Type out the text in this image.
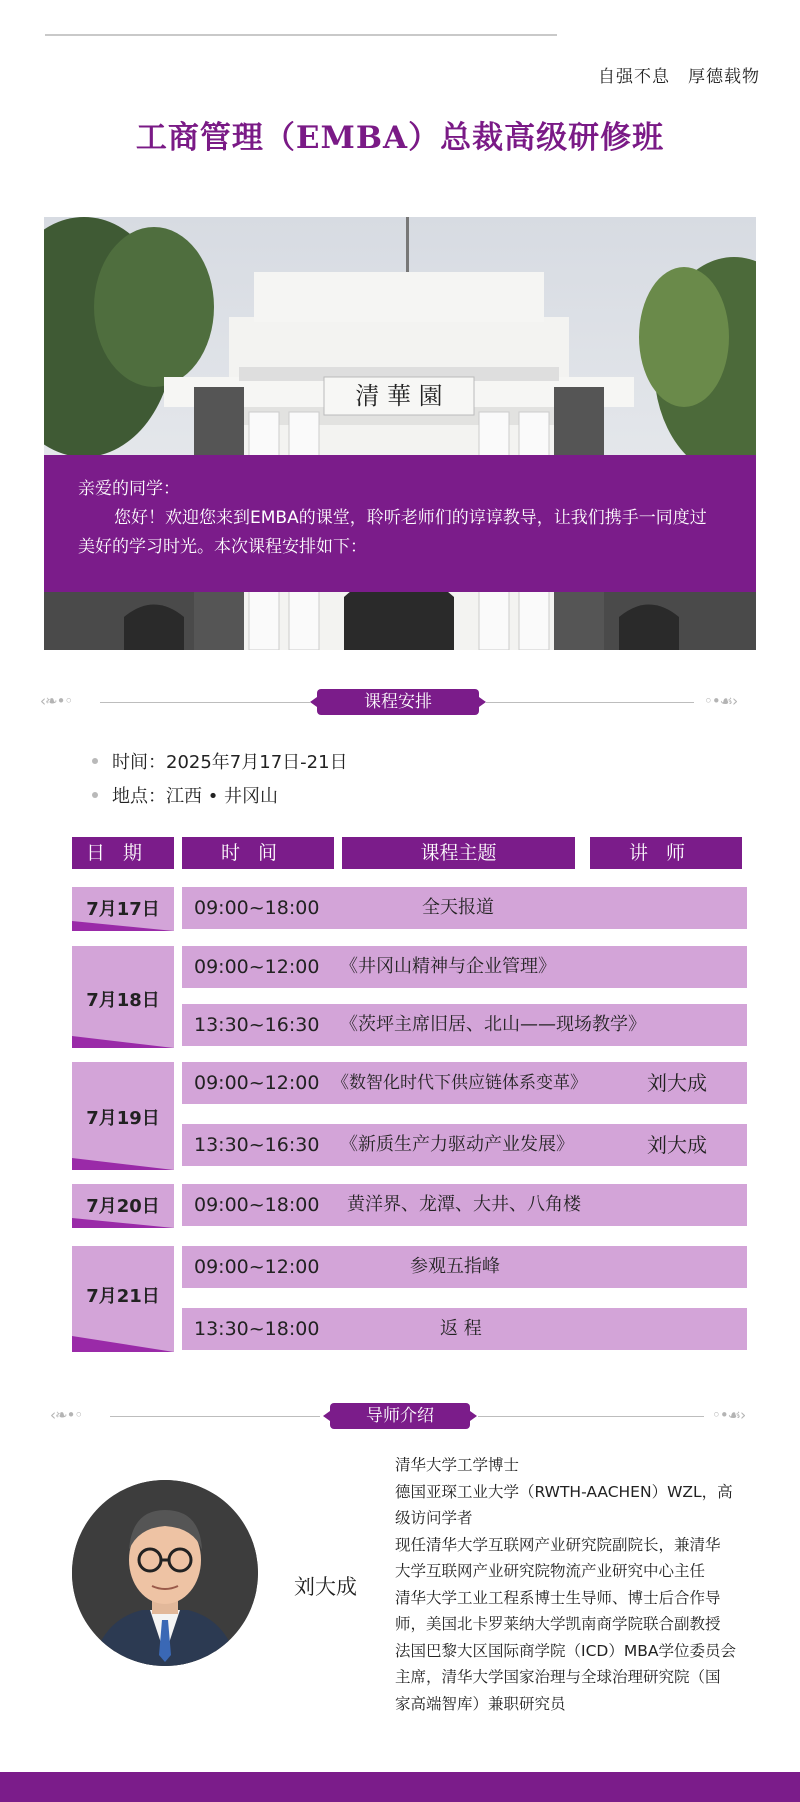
自强不息　厚德载物
工商管理（EMBA）总裁高级研修班
清 華 園

亲爱的同学：

您好！欢迎您来到EMBA的课堂，聆听老师们的谆谆教导，让我们携手一同度过美好的学习时光。本次课程安排如下：

‹❧•◦	课程安排	◦•☙›
时间：2025年7月17日-21日
地点：江西 • 井冈山
日期	时间	课程主题	讲师
7月17日	09:00~18:00	全天报道
7月18日
09:00~12:00 《井冈山精神与企业管理》
13:30~16:30 《茨坪主席旧居、北山——现场教学》
7月19日
09:00~12:00 《数智化时代下供应链体系变革》	刘大成
13:30~16:30 《新质生产力驱动产业发展》	刘大成
7月20日	09:00~18:00 黄洋界、龙潭、大井、八角楼
7月21日
09:00~12:00	参观五指峰
13:30~18:00	返 程
‹❧•◦	导师介绍	◦•☙›
刘大成
清华大学工学博士
德国亚琛工业大学（RWTH-AACHEN）WZL，高
级访问学者
现任清华大学互联网产业研究院副院长，兼清华
大学互联网产业研究院物流产业研究中心主任
清华大学工业工程系博士生导师、博士后合作导
师，美国北卡罗莱纳大学凯南商学院联合副教授
法国巴黎大区国际商学院（ICD）MBA学位委员会
主席，清华大学国家治理与全球治理研究院（国
家高端智库）兼职研究员
